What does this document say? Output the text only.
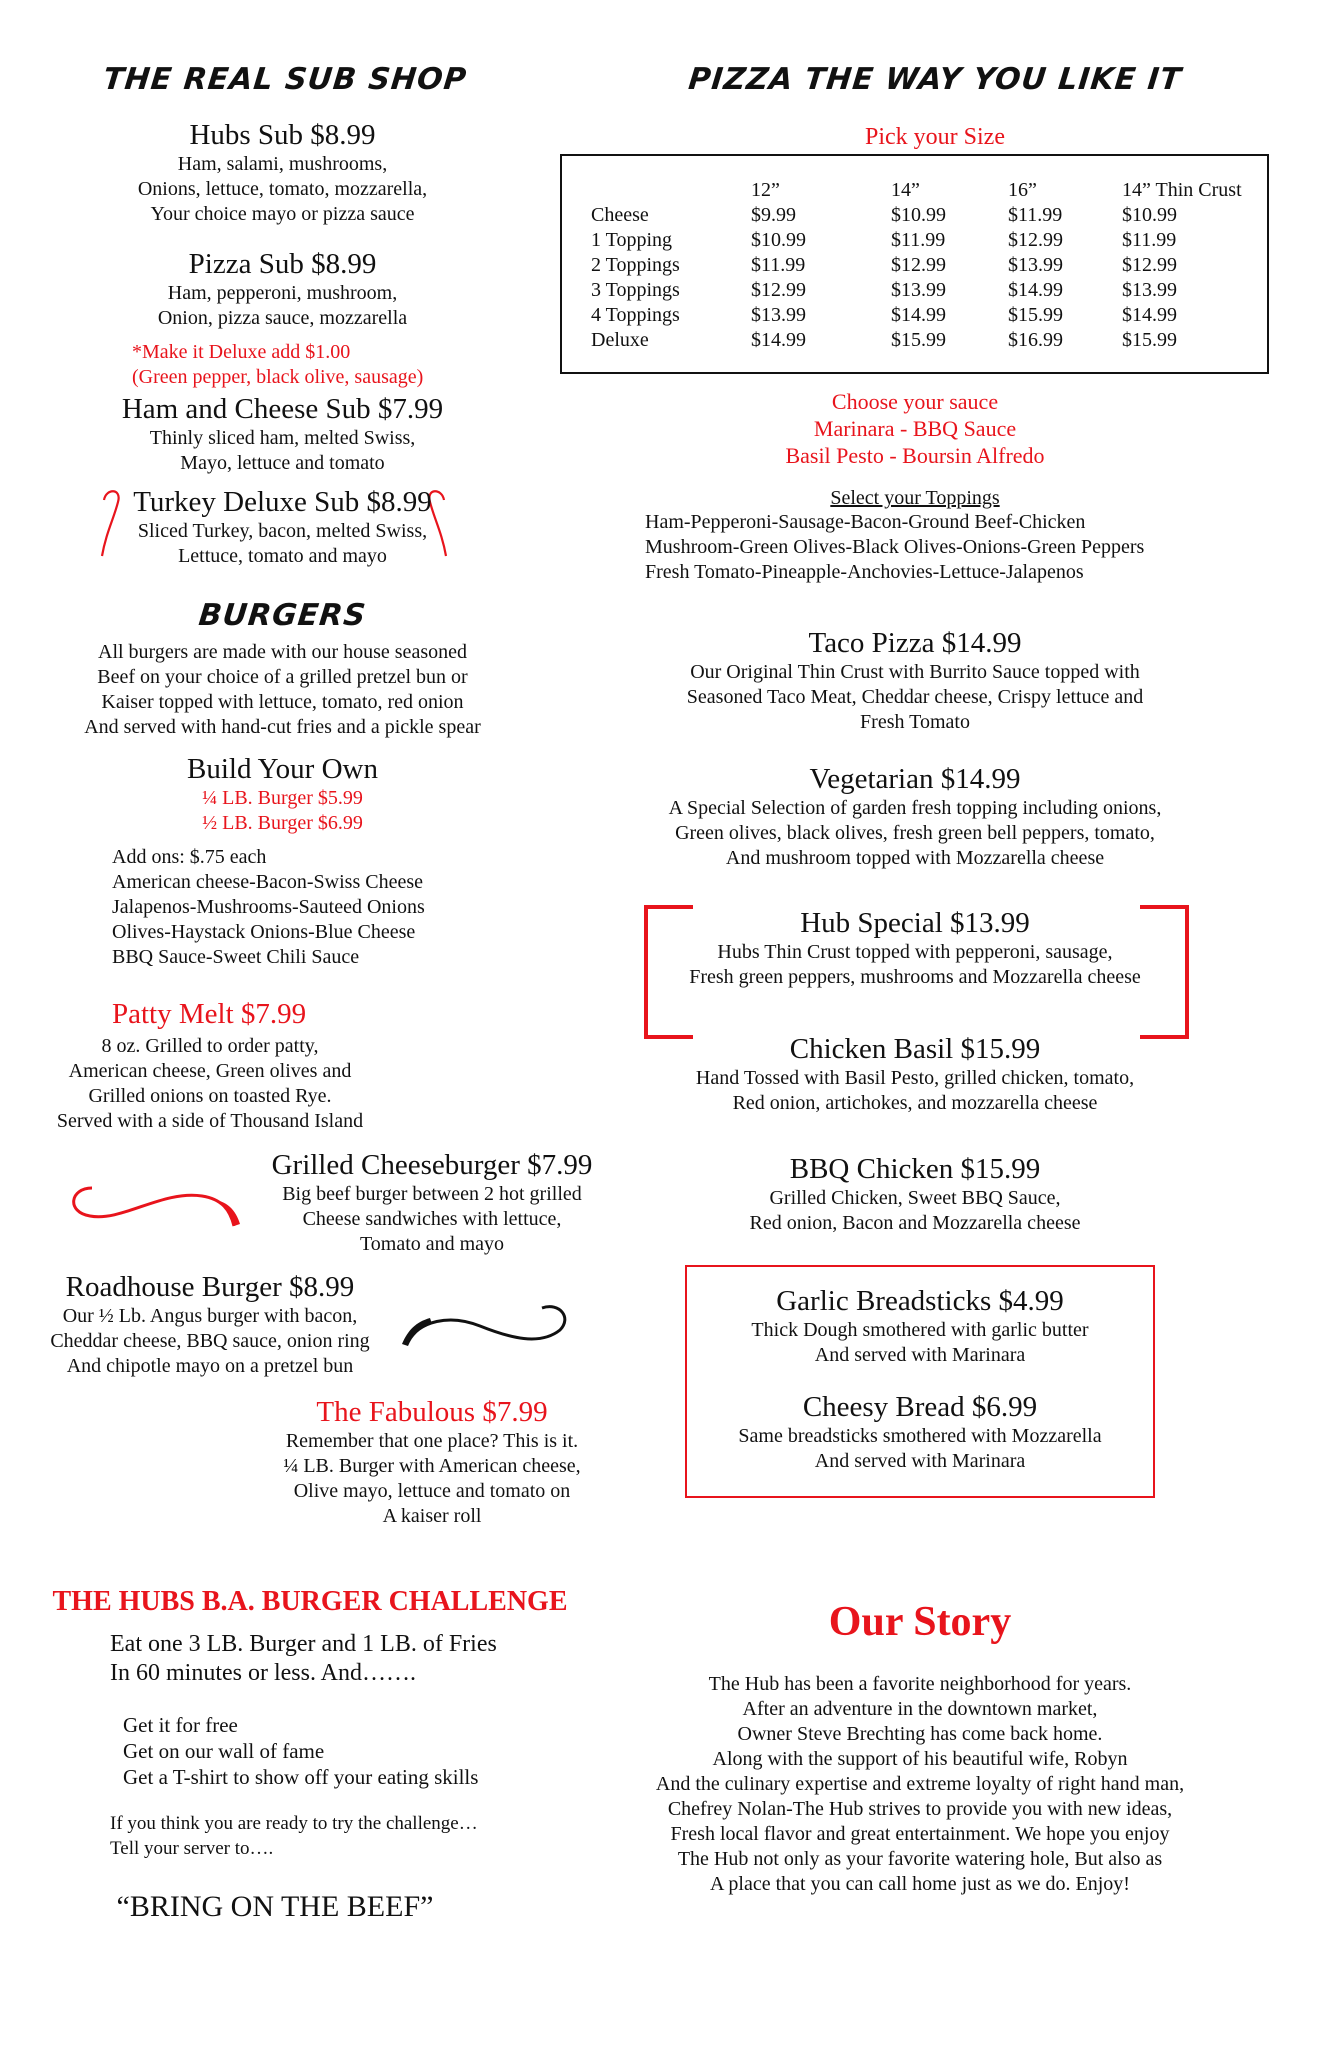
THE REAL SUB SHOP
Hubs Sub $8.99
Ham, salami, mushrooms,
Onions, lettuce, tomato, mozzarella,
Your choice mayo or pizza sauce
Pizza Sub $8.99
Ham, pepperoni, mushroom,
Onion, pizza sauce, mozzarella
*Make it Deluxe add $1.00
(Green pepper, black olive, sausage)
Ham and Cheese Sub $7.99
Thinly sliced ham, melted Swiss,
Mayo, lettuce and tomato
Turkey Deluxe Sub $8.99
Sliced Turkey, bacon, melted Swiss,
Lettuce, tomato and mayo
BURGERS
All burgers are made with our house seasoned
Beef on your choice of a grilled pretzel bun or
Kaiser topped with lettuce, tomato, red onion
And served with hand-cut fries and a pickle spear
Build Your Own
¼ LB. Burger $5.99
½ LB. Burger $6.99
Add ons: $.75 each
American cheese-Bacon-Swiss Cheese
Jalapenos-Mushrooms-Sauteed Onions
Olives-Haystack Onions-Blue Cheese
BBQ Sauce-Sweet Chili Sauce
Patty Melt $7.99
8 oz. Grilled to order patty,
American cheese, Green olives and
Grilled onions on toasted Rye.
Served with a side of Thousand Island
Grilled Cheeseburger $7.99
Big beef burger between 2 hot grilled
Cheese sandwiches with lettuce,
Tomato and mayo
Roadhouse Burger $8.99
Our ½ Lb. Angus burger with bacon,
Cheddar cheese, BBQ sauce, onion ring
And chipotle mayo on a pretzel bun
The Fabulous $7.99
Remember that one place? This is it.
¼ LB. Burger with American cheese,
Olive mayo, lettuce and tomato on
A kaiser roll
THE HUBS B.A. BURGER CHALLENGE
Eat one 3 LB. Burger and 1 LB. of Fries
In 60 minutes or less. And…….
Get it for free
Get on our wall of fame
Get a T-shirt to show off your eating skills
If you think you are ready to try the challenge…
Tell your server to….
“BRING ON THE BEEF”
PIZZA THE WAY YOU LIKE IT
Pick your Size
	12”	14”	16”	14” Thin Crust
Cheese	$9.99	$10.99	$11.99	$10.99
1 Topping	$10.99	$11.99	$12.99	$11.99
2 Toppings	$11.99	$12.99	$13.99	$12.99
3 Toppings	$12.99	$13.99	$14.99	$13.99
4 Toppings	$13.99	$14.99	$15.99	$14.99
Deluxe	$14.99	$15.99	$16.99	$15.99
Choose your sauce
Marinara - BBQ Sauce
Basil Pesto - Boursin Alfredo
Select your Toppings
Ham-Pepperoni-Sausage-Bacon-Ground Beef-Chicken
Mushroom-Green Olives-Black Olives-Onions-Green Peppers
Fresh Tomato-Pineapple-Anchovies-Lettuce-Jalapenos
Taco Pizza $14.99
Our Original Thin Crust with Burrito Sauce topped with
Seasoned Taco Meat, Cheddar cheese, Crispy lettuce and
Fresh Tomato
Vegetarian $14.99
A Special Selection of garden fresh topping including onions,
Green olives, black olives, fresh green bell peppers, tomato,
And mushroom topped with Mozzarella cheese
Hub Special $13.99
Hubs Thin Crust topped with pepperoni, sausage,
Fresh green peppers, mushrooms and Mozzarella cheese
Chicken Basil $15.99
Hand Tossed with Basil Pesto, grilled chicken, tomato,
Red onion, artichokes, and mozzarella cheese
BBQ Chicken $15.99
Grilled Chicken, Sweet BBQ Sauce,
Red onion, Bacon and Mozzarella cheese
Garlic Breadsticks $4.99
Thick Dough smothered with garlic butter
And served with Marinara
Cheesy Bread $6.99
Same breadsticks smothered with Mozzarella
And served with Marinara
Our Story
The Hub has been a favorite neighborhood for years.
After an adventure in the downtown market,
Owner Steve Brechting has come back home.
Along with the support of his beautiful wife, Robyn
And the culinary expertise and extreme loyalty of right hand man,
Chefrey Nolan-The Hub strives to provide you with new ideas,
Fresh local flavor and great entertainment. We hope you enjoy
The Hub not only as your favorite watering hole, But also as
A place that you can call home just as we do. Enjoy!
